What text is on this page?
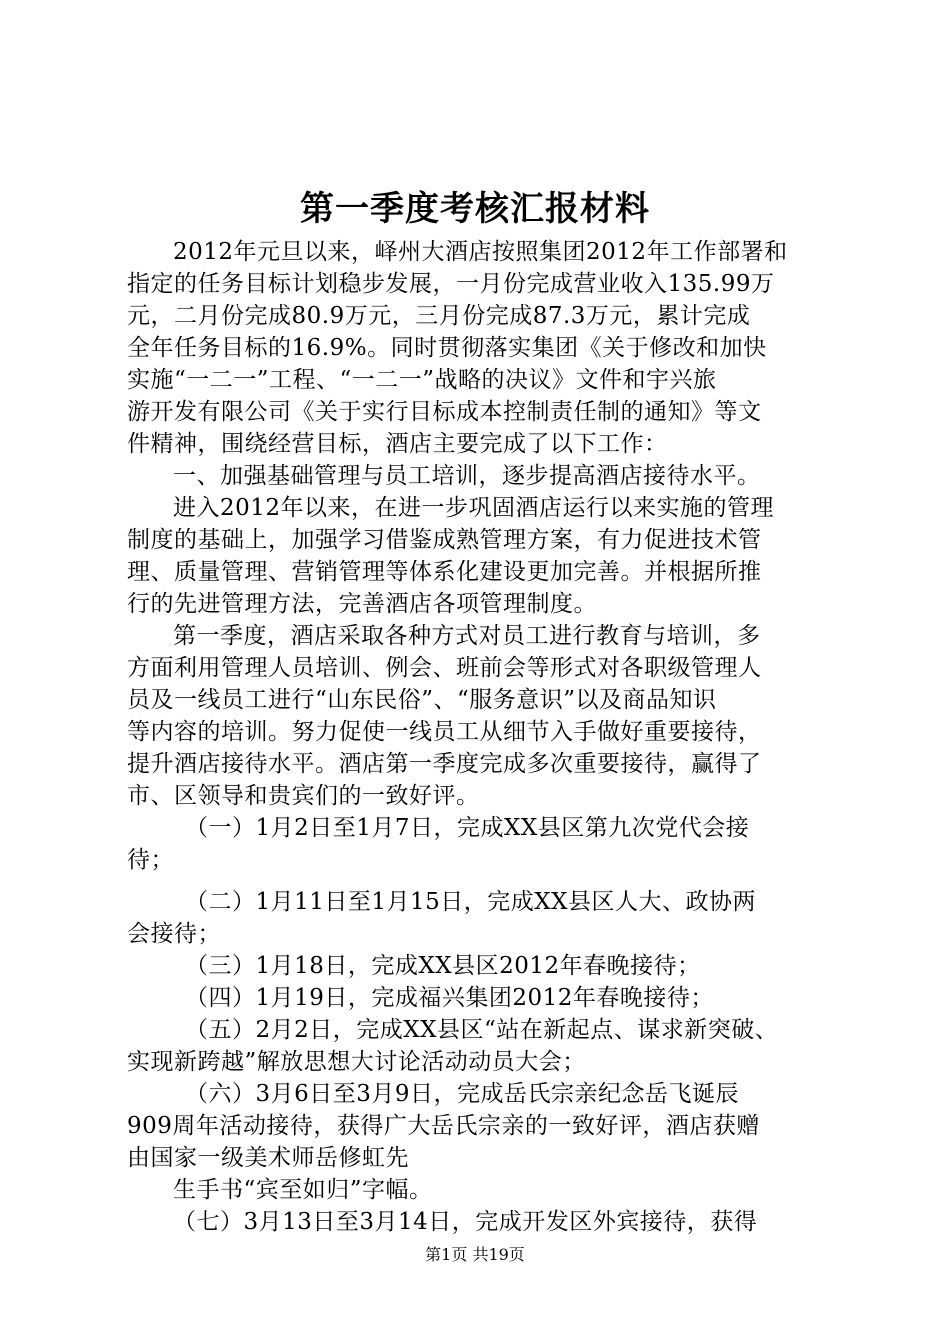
第一季度考核汇报材料
2012年元旦以来，峄州大酒店按照集团2012年工作部署和
指定的任务目标计划稳步发展，一月份完成营业收入135.99万
元，二月份完成80.9万元，三月份完成87.3万元，累计完成
全年任务目标的16.9%。同时贯彻落实集团《关于修改和加快
实施“一二一”工程、“一二一”战略的决议》文件和宇兴旅
游开发有限公司《关于实行目标成本控制责任制的通知》等文
件精神，围绕经营目标，酒店主要完成了以下工作：
一、加强基础管理与员工培训，逐步提高酒店接待水平。
进入2012年以来，在进一步巩固酒店运行以来实施的管理
制度的基础上，加强学习借鉴成熟管理方案，有力促进技术管
理、质量管理、营销管理等体系化建设更加完善。并根据所推
行的先进管理方法，完善酒店各项管理制度。
第一季度，酒店采取各种方式对员工进行教育与培训，多
方面利用管理人员培训、例会、班前会等形式对各职级管理人
员及一线员工进行“山东民俗”、“服务意识”以及商品知识
等内容的培训。努力促使一线员工从细节入手做好重要接待，
提升酒店接待水平。酒店第一季度完成多次重要接待，赢得了
市、区领导和贵宾们的一致好评。
（一）1月2日至1月7日，完成XX县区第九次党代会接
待；
（二）1月11日至1月15日，完成XX县区人大、政协两
会接待；
（三）1月18日，完成XX县区2012年春晚接待；
（四）1月19日，完成福兴集团2012年春晚接待；
（五）2月2日，完成XX县区“站在新起点、谋求新突破、
实现新跨越”解放思想大讨论活动动员大会；
（六）3月6日至3月9日，完成岳氏宗亲纪念岳飞诞辰
909周年活动接待，获得广大岳氏宗亲的一致好评，酒店获赠
由国家一级美术师岳修虹先
生手书“宾至如归”字幅。
（七）3月13日至3月14日，完成开发区外宾接待，获得
第1页 共19页
